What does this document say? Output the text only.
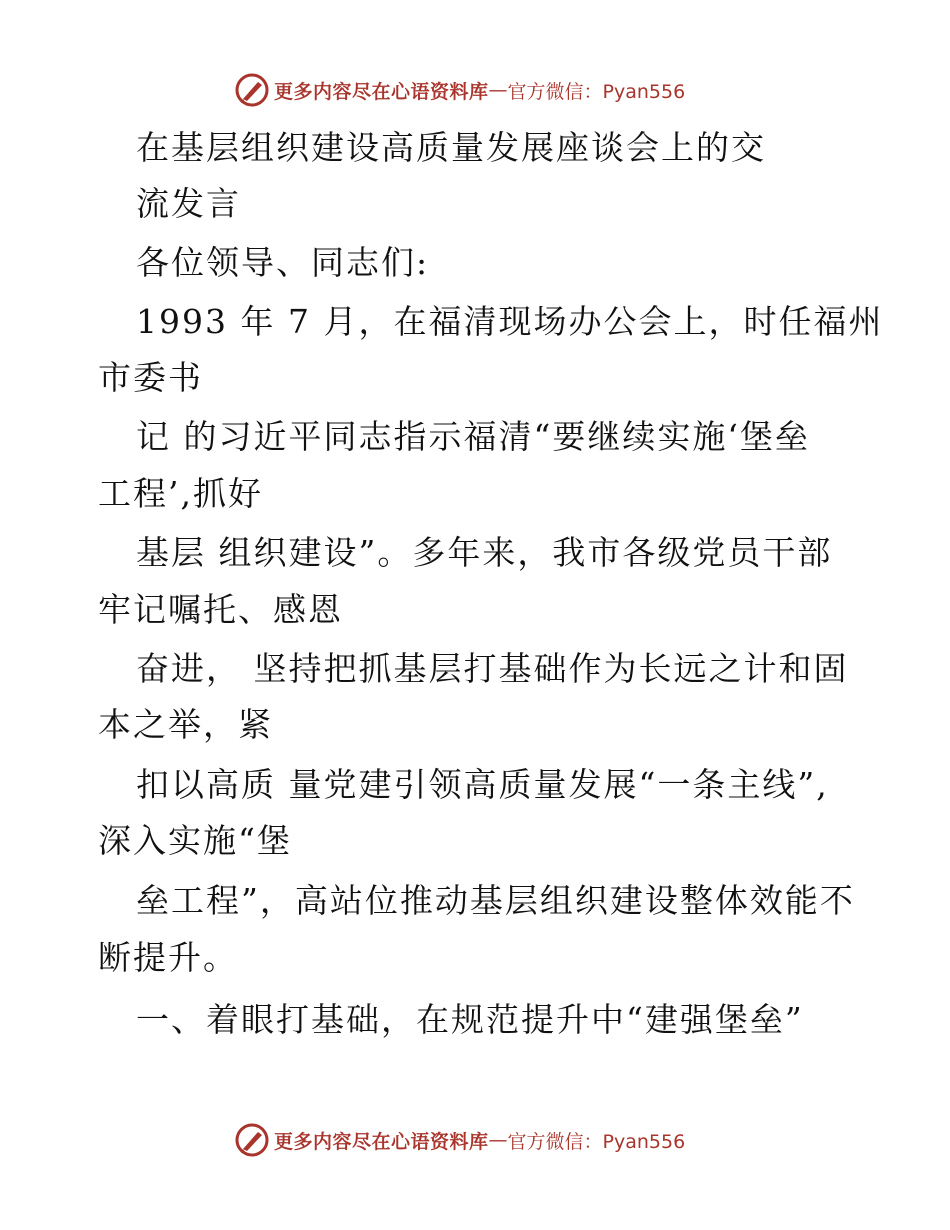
更多内容尽在心语资料库 — 官方微信：Pyan556
在基层组织建设高质量发展座谈会上的交
流发言
各位领导、同志们:
1993 年 7 月，在福清现场办公会上，时任福州
市委书
记 的习近平同志指示福清“要继续实施‘堡垒
工程’,抓好
基层 组织建设”。多年来，我市各级党员干部
牢记嘱托、感恩
奋进， 坚持把抓基层打基础作为长远之计和固
本之举，紧
扣以高质 量党建引领高质量发展“一条主线”,
深入实施“堡
垒工程”，高站位推动基层组织建设整体效能不
断提升。
一、着眼打基础，在规范提升中“建强堡垒”
更多内容尽在心语资料库 — 官方微信：Pyan556
